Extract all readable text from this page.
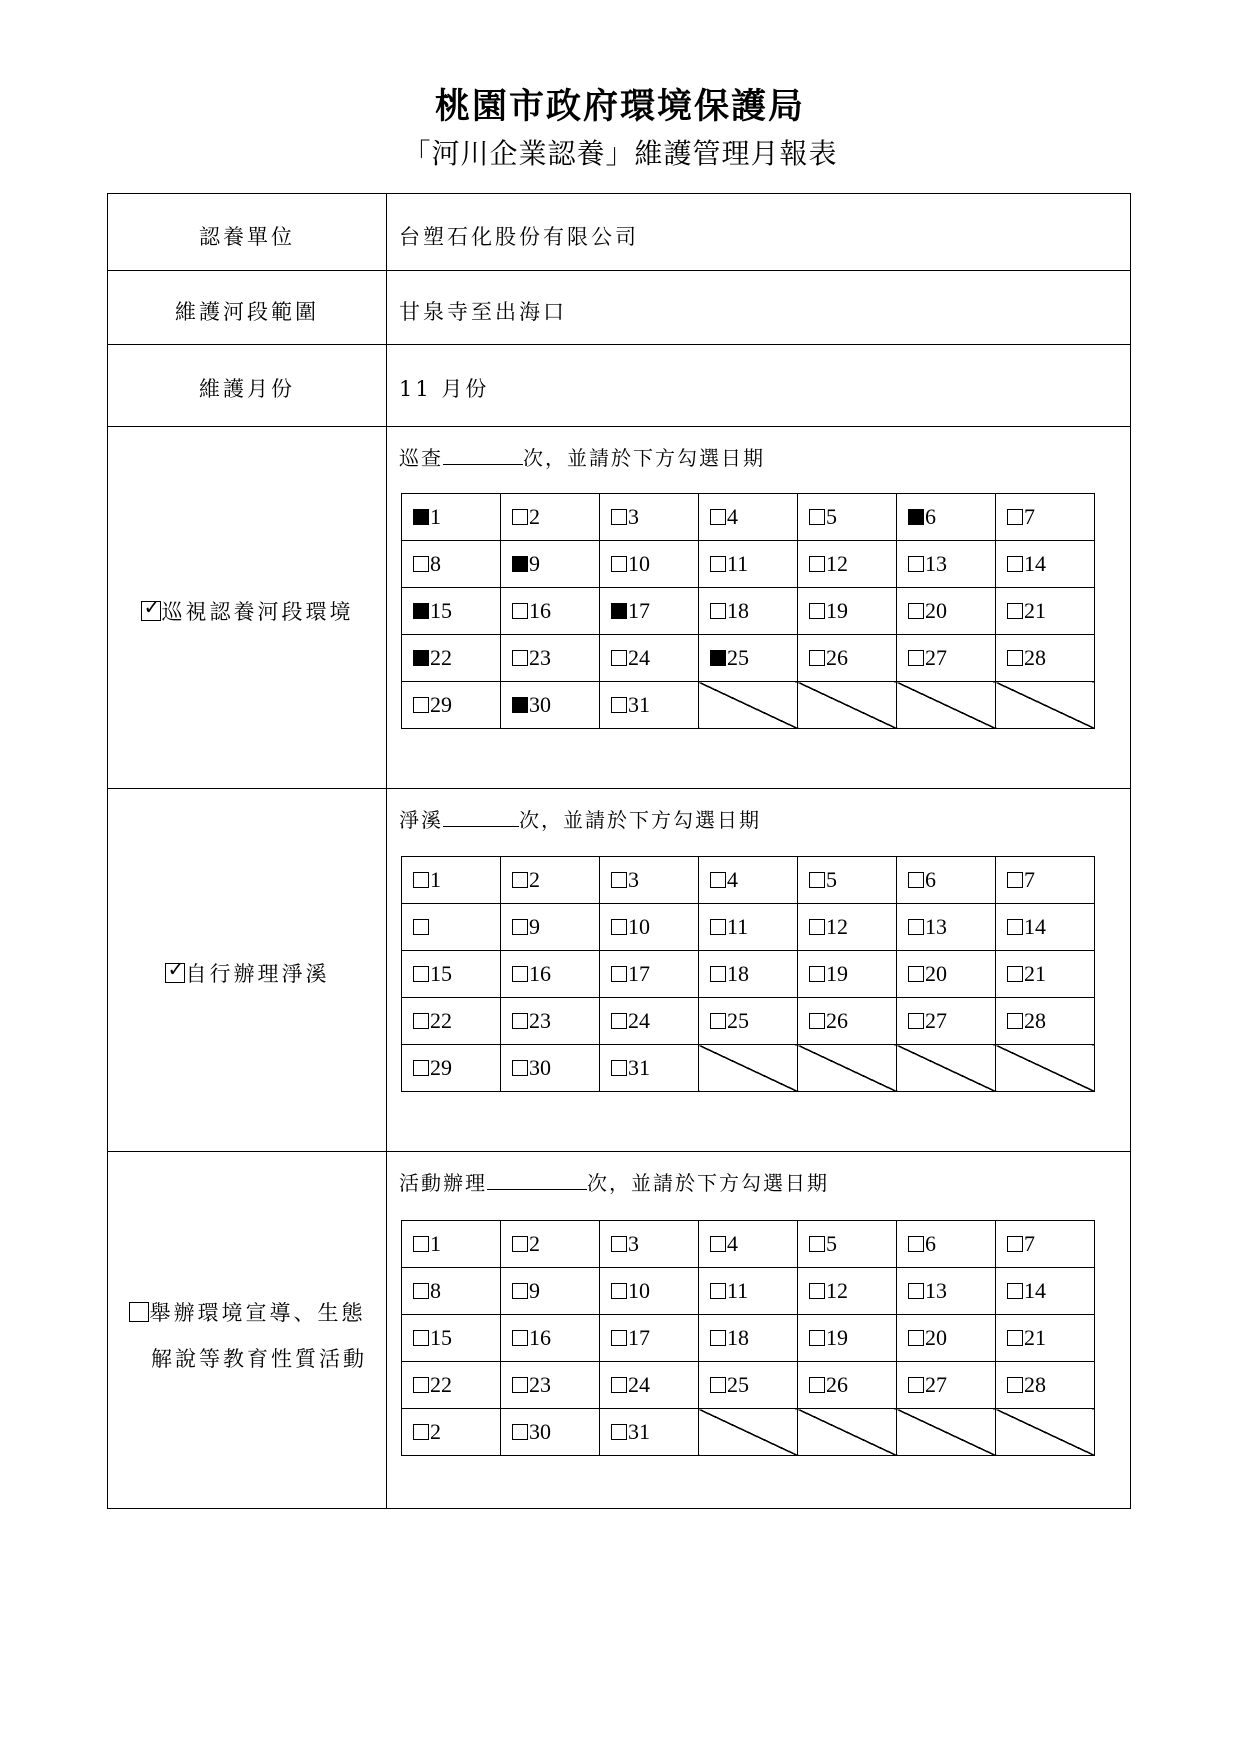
桃園市政府環境保護局
「河川企業認養」維護管理月報表
認養單位	台塑石化股份有限公司
維護河段範圍	甘泉寺至出海口
維護月份	11 月份
✓
巡視認養河段環境
巡查	次，並請於下方勾選日期
1	2	3	4	5	6	7
8	9	10	11	12	13	14
15	16	17	18	19	20	21
22	23	24	25	26	27	28
29	30	31				
✓
自行辦理淨溪
淨溪	次，並請於下方勾選日期
1	2	3	4	5	6	7
	9	10	11	12	13	14
15	16	17	18	19	20	21
22	23	24	25	26	27	28
29	30	31				
舉辦環境宣導、生態
解說等教育性質活動
活動辦理	次，並請於下方勾選日期
1	2	3	4	5	6	7
8	9	10	11	12	13	14
15	16	17	18	19	20	21
22	23	24	25	26	27	28
2	30	31				
